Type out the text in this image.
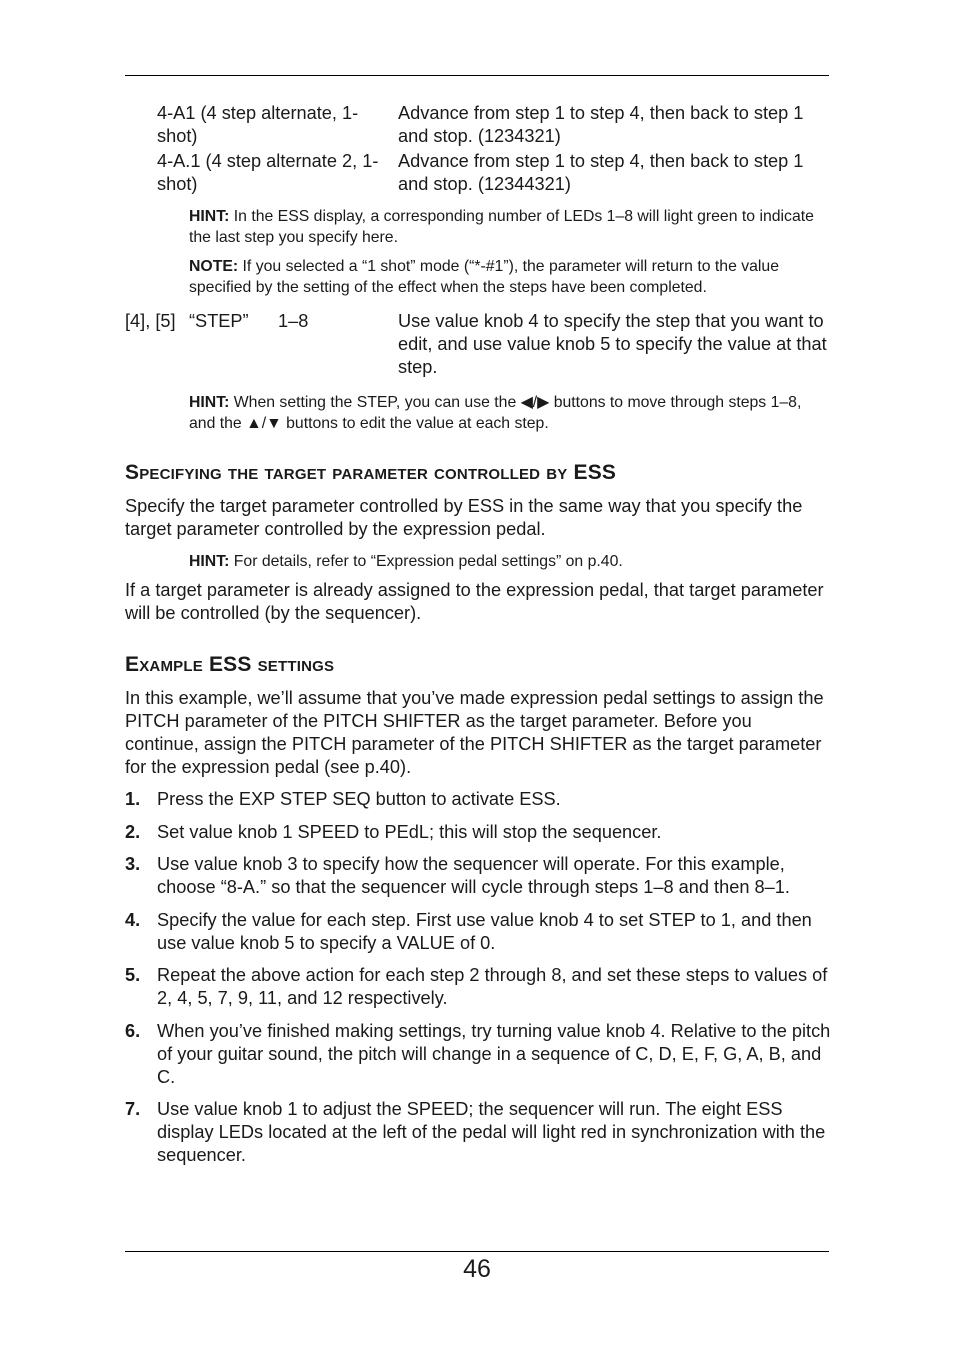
4-A1 (4 step alternate, 1-shot)
Advance from step 1 to step 4, then back to step 1 and stop. (1234321)
4-A.1 (4 step alternate 2, 1-shot)
Advance from step 1 to step 4, then back to step 1 and stop. (12344321)
HINT: In the ESS display, a corresponding number of LEDs 1–8 will light green to indicate the last step you specify here.
NOTE: If you selected a “1 shot” mode (“*-#1”), the parameter will return to the value specified by the setting of the effect when the steps have been completed.
[4], [5] “STEP” 1–8	Use value knob 4 to specify the step that you want to edit, and use value knob 5 to specify the value at that step.
HINT: When setting the STEP, you can use the ◀/▶ buttons to move through steps 1–8, and the ▲/▼ buttons to edit the value at each step.
Specifying the target parameter controlled by ESS
Specify the target parameter controlled by ESS in the same way that you specify the target parameter controlled by the expression pedal.
HINT: For details, refer to “Expression pedal settings” on p.40.
If a target parameter is already assigned to the expression pedal, that target parameter will be controlled (by the sequencer).
Example ESS settings
In this example, we’ll assume that you’ve made expression pedal settings to assign the PITCH parameter of the PITCH SHIFTER as the target parameter. Before you continue, assign the PITCH parameter of the PITCH SHIFTER as the target parameter for the expression pedal (see p.40).
1. Press the EXP STEP SEQ button to activate ESS.
2. Set value knob 1 SPEED to PEdL; this will stop the sequencer.
3. Use value knob 3 to specify how the sequencer will operate. For this example, choose “8-A.” so that the sequencer will cycle through steps 1–8 and then 8–1.
4. Specify the value for each step. First use value knob 4 to set STEP to 1, and then use value knob 5 to specify a VALUE of 0.
5. Repeat the above action for each step 2 through 8, and set these steps to values of 2, 4, 5, 7, 9, 11, and 12 respectively.
6. When you’ve finished making settings, try turning value knob 4. Relative to the pitch of your guitar sound, the pitch will change in a sequence of C, D, E, F, G, A, B, and C.
7. Use value knob 1 to adjust the SPEED; the sequencer will run. The eight ESS display LEDs located at the left of the pedal will light red in synchronization with the sequencer.
46
